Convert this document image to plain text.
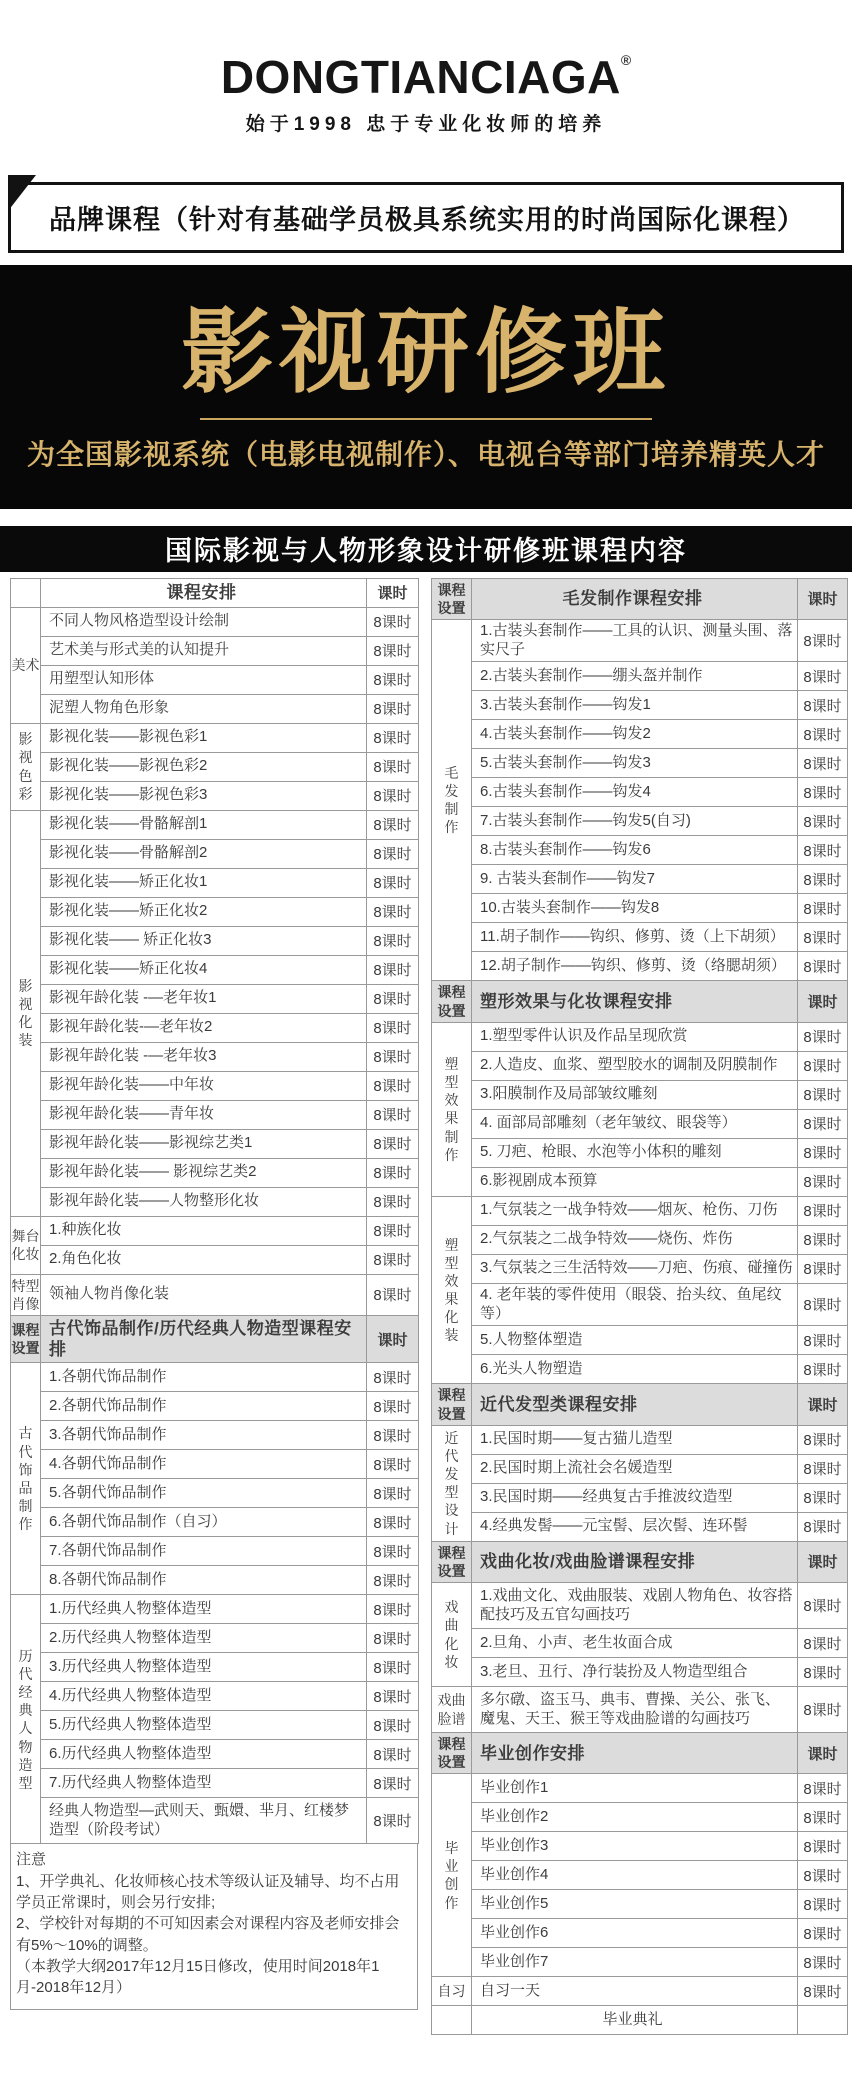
DONGTIANCIAGA®
始于1998 忠于专业化妆师的培养
品牌课程（针对有基础学员极具系统实用的时尚国际化课程）
影视研修班
为全国影视系统（电影电视制作）、电视台等部门培养精英人才
国际影视与人物形象设计研修班课程内容
	课程安排	课时
美术	不同人物风格造型设计绘制	8课时
	艺术美与形式美的认知提升	8课时
	用塑型认知形体	8课时
	泥塑人物角色形象	8课时
影
视
色
彩	影视化装——影视色彩1	8课时
	影视化装——影视色彩2	8课时
	影视化装——影视色彩3	8课时
影
视
化
装	影视化装——骨骼解剖1	8课时
	影视化装——骨骼解剖2	8课时
	影视化装——矫正化妆1	8课时
	影视化装——矫正化妆2	8课时
	影视化装—— 矫正化妆3	8课时
	影视化装——矫正化妆4	8课时
	影视年龄化装 -—老年妆1	8课时
	影视年龄化装-—老年妆2	8课时
	影视年龄化装 -—老年妆3	8课时
	影视年龄化装——中年妆	8课时
	影视年龄化装——青年妆	8课时
	影视年龄化装——影视综艺类1	8课时
	影视年龄化装—— 影视综艺类2	8课时
	影视年龄化装——人物整形化妆	8课时
舞台
化妆	1.种族化妆	8课时
	2.角色化妆	8课时
特型
肖像	领袖人物肖像化装	8课时
课程
设置	古代饰品制作/历代经典人物造型课程安排	课时
古
代
饰
品
制
作	1.各朝代饰品制作	8课时
	2.各朝代饰品制作	8课时
	3.各朝代饰品制作	8课时
	4.各朝代饰品制作	8课时
	5.各朝代饰品制作	8课时
	6.各朝代饰品制作（自习）	8课时
	7.各朝代饰品制作	8课时
	8.各朝代饰品制作	8课时
历
代
经
典
人
物
造
型	1.历代经典人物整体造型	8课时
	2.历代经典人物整体造型	8课时
	3.历代经典人物整体造型	8课时
	4.历代经典人物整体造型	8课时
	5.历代经典人物整体造型	8课时
	6.历代经典人物整体造型	8课时
	7.历代经典人物整体造型	8课时
	经典人物造型—武则天、甄嬛、芈月、红楼梦造型（阶段考试）	8课时
注意
1、开学典礼、化妆师核心技术等级认证及辅导、均不占用学员正常课时，则会另行安排;
2、学校针对每期的不可知因素会对课程内容及老师安排会有5%～10%的调整。
（本教学大纲2017年12月15日修改，使用时间2018年1月-2018年12月）
课程
设置	毛发制作课程安排	课时
毛
发
制
作	1.古装头套制作——工具的认识、测量头围、落实尺子	8课时
	2.古装头套制作——绷头盔并制作	8课时
	3.古装头套制作——钩发1	8课时
	4.古装头套制作——钩发2	8课时
	5.古装头套制作——钩发3	8课时
	6.古装头套制作——钩发4	8课时
	7.古装头套制作——钩发5(自习)	8课时
	8.古装头套制作——钩发6	8课时
	9. 古装头套制作——钩发7	8课时
	10.古装头套制作——钩发8	8课时
	11.胡子制作——钩织、修剪、烫（上下胡须）	8课时
	12.胡子制作——钩织、修剪、烫（络腮胡须）	8课时
课程
设置	塑形效果与化妆课程安排	课时
塑
型
效
果
制
作	1.塑型零件认识及作品呈现欣赏	8课时
	2.人造皮、血浆、塑型胶水的调制及阴膜制作	8课时
	3.阳膜制作及局部皱纹雕刻	8课时
	4. 面部局部雕刻（老年皱纹、眼袋等）	8课时
	5. 刀疤、枪眼、水泡等小体积的雕刻	8课时
	6.影视剧成本预算	8课时
塑
型
效
果
化
装	1.气氛装之一战争特效——烟灰、枪伤、刀伤	8课时
	2.气氛装之二战争特效——烧伤、炸伤	8课时
	3.气氛装之三生活特效——刀疤、伤痕、碰撞伤	8课时
	4. 老年装的零件使用（眼袋、抬头纹、鱼尾纹等）	8课时
	5.人物整体塑造	8课时
	6.光头人物塑造	8课时
课程
设置	近代发型类课程安排	课时
近
代
发
型
设
计	1.民国时期——复古猫儿造型	8课时
	2.民国时期上流社会名媛造型	8课时
	3.民国时期——经典复古手推波纹造型	8课时
	4.经典发髻——元宝髻、层次髻、连环髻	8课时
课程
设置	戏曲化妆/戏曲脸谱课程安排	课时
戏
曲
化
妆	1.戏曲文化、戏曲服装、戏剧人物角色、妆容搭配技巧及五官勾画技巧	8课时
	2.旦角、小声、老生妆面合成	8课时
	3.老旦、丑行、净行装扮及人物造型组合	8课时
戏曲
脸谱	多尔礅、盗玉马、典韦、曹操、关公、张飞、魔鬼、天王、猴王等戏曲脸谱的勾画技巧	8课时
课程
设置	毕业创作安排	课时
毕
业
创
作	毕业创作1	8课时
	毕业创作2	8课时
	毕业创作3	8课时
	毕业创作4	8课时
	毕业创作5	8课时
	毕业创作6	8课时
	毕业创作7	8课时
自习	自习一天	8课时
	毕业典礼	
